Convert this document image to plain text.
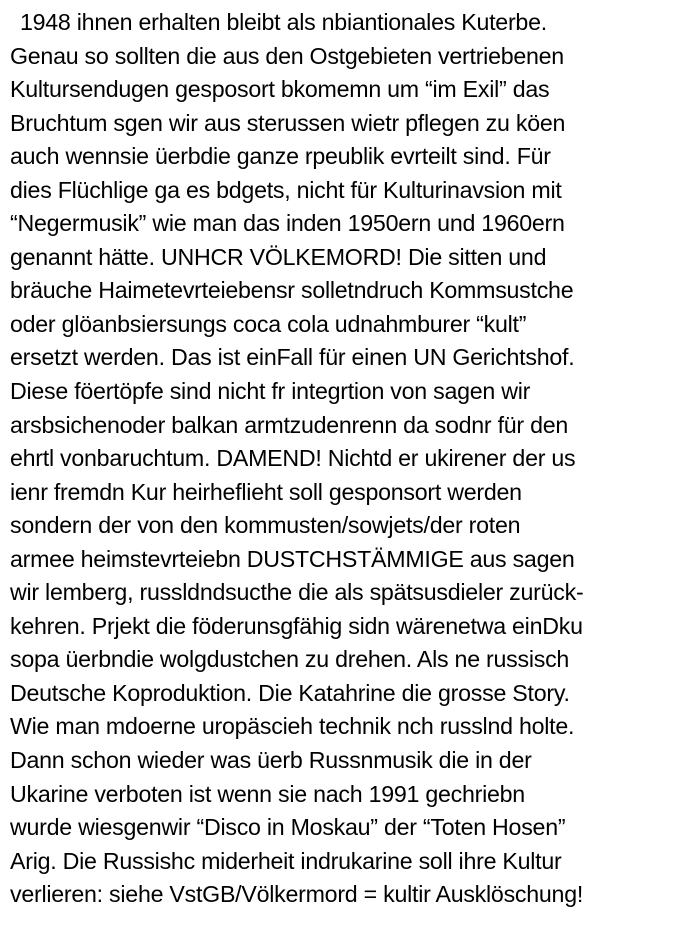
1948 ihnen erhalten bleibt als nbiantionales Kuterbe.
Genau so sollten die aus den Ostgebieten vertriebenen
Kultursendugen gesposort bkomemn um “im Exil” das
Bruchtum sgen wir aus sterussen wietr pflegen zu köen
auch wennsie üerbdie ganze rpeublik evrteilt sind. Für
dies Flüchlige ga es bdgets, nicht für Kulturinavsion mit
“Negermusik” wie man das inden 1950ern und 1960ern
genannt hätte. UNHCR VÖLKEMORD! Die sitten und
bräuche Haimetevrteiebensr solletndruch Kommsustche
oder glöanbsiersungs coca cola udnahmburer “kult”
ersetzt werden. Das ist einFall für einen UN Gerichtshof.
Diese föertöpfe sind nicht fr integrtion von sagen wir
arsbsichenoder balkan armtzudenrenn da sodnr für den
ehrtl vonbaruchtum. DAMEND! Nichtd er ukirener der us
ienr fremdn Kur heirheflieht soll gesponsort werden
sondern der von den kommusten/sowjets/der roten
armee heimstevrteiebn DUSTCHSTÄMMIGE aus sagen
wir lemberg, russldndsucthe die als spätsusdieler zurück-
kehren. Prjekt die föderunsgfähig sidn wärenetwa einDku
sopa üerbndie wolgdustchen zu drehen. Als ne russisch
Deutsche Koproduktion. Die Katahrine die grosse Story.
Wie man mdoerne uropäscieh technik nch russlnd holte.
Dann schon wieder was üerb Russnmusik die in der
Ukarine verboten ist wenn sie nach 1991 gechriebn
wurde wiesgenwir “Disco in Moskau” der “Toten Hosen”
Arig. Die Russishc miderheit indrukarine soll ihre Kultur
verlieren: siehe VstGB/Völkermord = kultir Ausklöschung!
